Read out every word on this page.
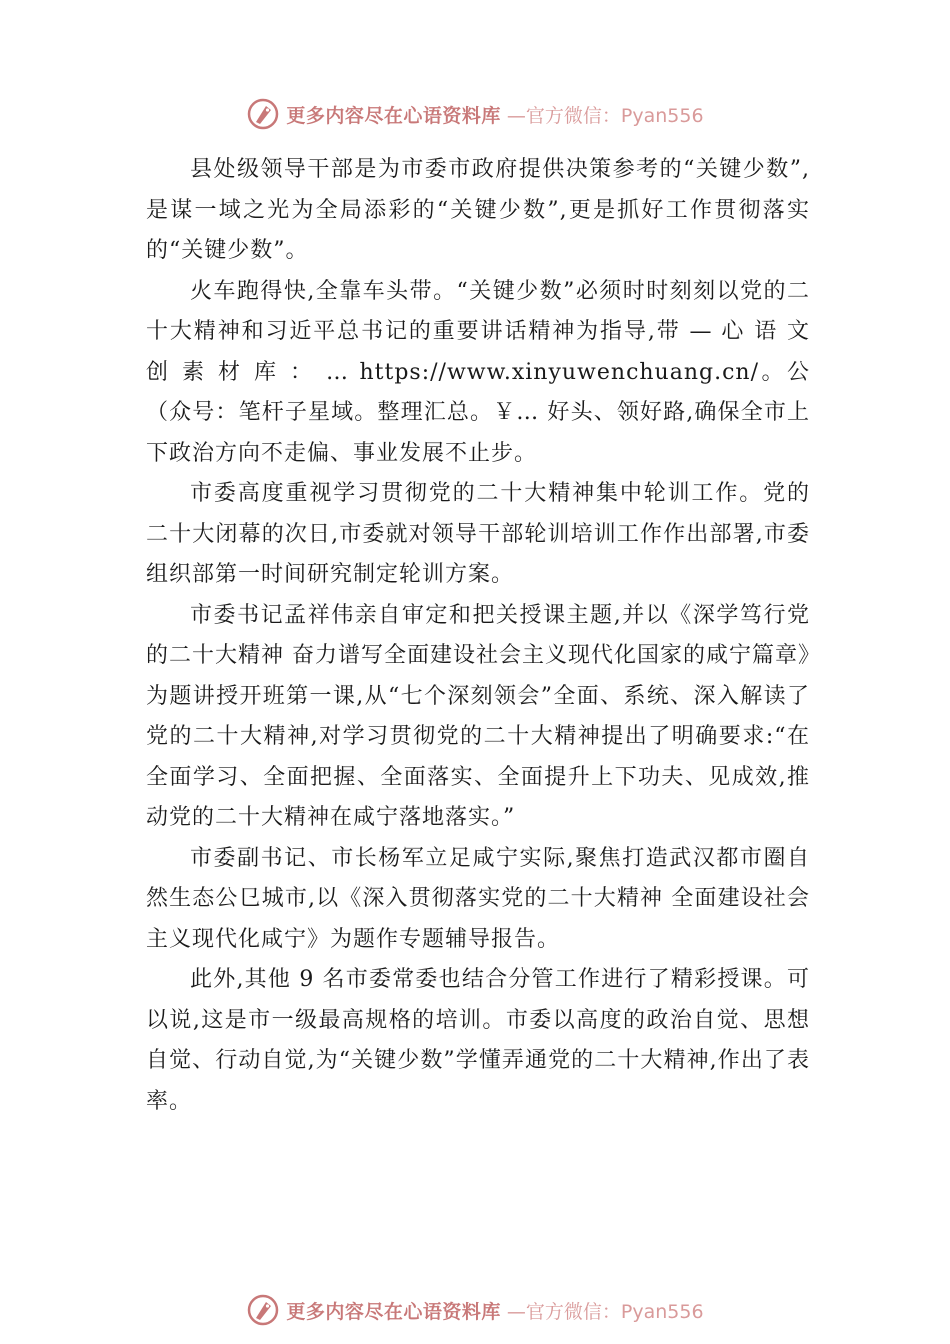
更多内容尽在心语资料库 —官方微信：Pyan556

县处级领导干部是为市委市政府提供决策参考的“关键少数”,是谋一域之光为全局添彩的“关键少数”,更是抓好工作贯彻落实的“关键少数”。

火车跑得快,全靠车头带。“关键少数”必须时时刻刻以党的二十大精神和习近平总书记的重要讲话精神为指导,带 — 心 语 文 创 素 材 库 ： … https://www.xinyuwenchuang.cn/。公（众号：笔杆子星域。整理汇总。￥… 好头、领好路,确保全市上下政治方向不走偏、事业发展不止步。

市委高度重视学习贯彻党的二十大精神集中轮训工作。党的二十大闭幕的次日,市委就对领导干部轮训培训工作作出部署,市委组织部第一时间研究制定轮训方案。

市委书记孟祥伟亲自审定和把关授课主题,并以《深学笃行党的二十大精神 奋力谱写全面建设社会主义现代化国家的咸宁篇章》为题讲授开班第一课,从“七个深刻领会”全面、系统、深入解读了党的二十大精神,对学习贯彻党的二十大精神提出了明确要求:“在全面学习、全面把握、全面落实、全面提升上下功夫、见成效,推动党的二十大精神在咸宁落地落实。”

市委副书记、市长杨军立足咸宁实际,聚焦打造武汉都市圈自然生态公㔾城市,以《深入贯彻落实党的二十大精神 全面建设社会主义现代化咸宁》为题作专题辅导报告。

此外,其他 9 名市委常委也结合分管工作进行了精彩授课。可以说,这是市一级最高规格的培训。市委以高度的政治自觉、思想自觉、行动自觉,为“关键少数”学懂弄通党的二十大精神,作出了表率。

更多内容尽在心语资料库 —官方微信：Pyan556
